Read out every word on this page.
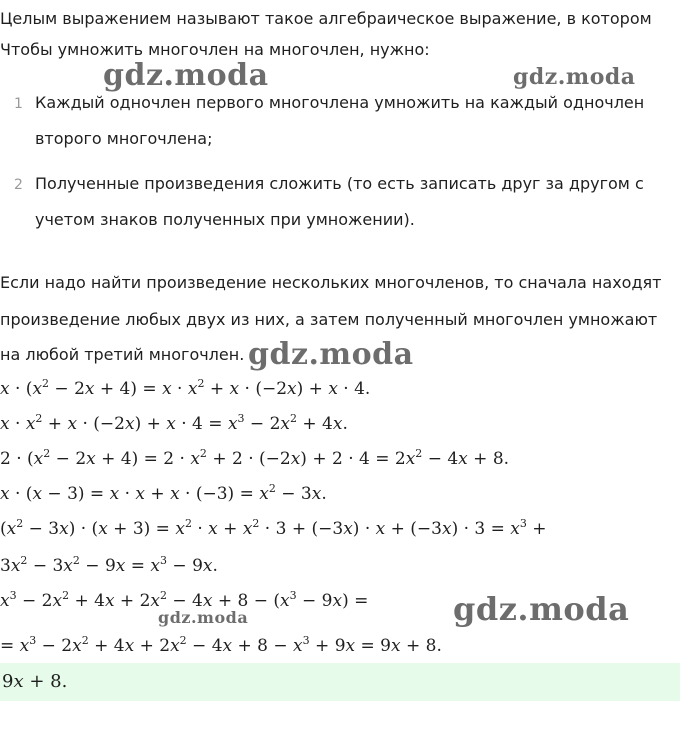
Целым выражением называют такое алгебраическое выражение, в котором
Чтобы умножить многочлен на многочлен, нужно:
1 Каждый одночлен первого многочлена умножить на каждый одночлен
второго многочлена;
2 Полученные произведения сложить (то есть записать друг за другом с
учетом знаков полученных при умножении).
Если надо найти произведение нескольких многочленов, то сначала находят
произведение любых двух из них, а затем полученный многочлен умножают
на любой третий многочлен.
$x \cdot (x^2 - 2x + 4) = x \cdot x^2 + x \cdot (-2x) + x \cdot 4$.
$x \cdot x^2 + x \cdot (-2x) + x \cdot 4 = x^3 - 2x^2 + 4x$.
$2 \cdot (x^2 - 2x + 4) = 2 \cdot x^2 + 2 \cdot (-2x) + 2 \cdot 4 = 2x^2 - 4x + 8$.
$x \cdot (x - 3) = x \cdot x + x \cdot (-3) = x^2 - 3x$.
$(x^2 - 3x) \cdot (x + 3) = x^2 \cdot x + x^2 \cdot 3 + (-3x) \cdot x + (-3x) \cdot 3 = x^3$ +
$3x^2 - 3x^2 - 9x = x^3 - 9x$.
$x^3 - 2x^2 + 4x + 2x^2 - 4x + 8 - (x^3 - 9x)$ =
= $x^3 - 2x^2 + 4x + 2x^2 - 4x + 8 - x^3 + 9x = 9x + 8$.
9x + 8.
gdz.moda	gdz.moda
gdz.moda
gdz.moda
gdz.moda
